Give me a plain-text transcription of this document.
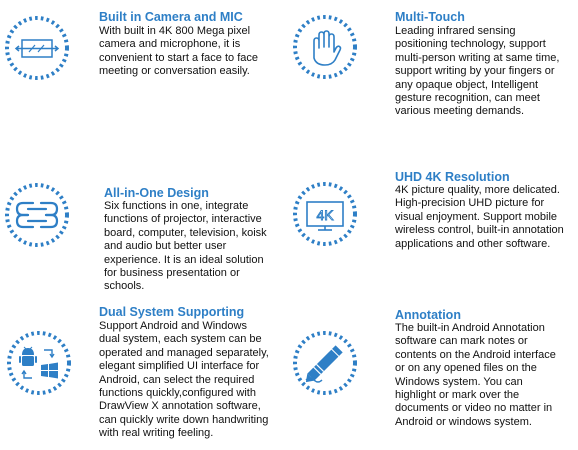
Built in Camera and MIC
With built in 4K 800 Mega pixel
camera and microphone, it is
convenient to start a face to face
meeting or conversation easily.
Multi-Touch
Leading infrared sensing
positioning technology, support
multi-person writing at same time,
support writing by your fingers or
any opaque object, Intelligent
gesture recognition, can meet
various meeting demands.
All-in-One Design
Six functions in one, integrate
functions of projector, interactive
board, computer, television, koisk
and audio but better user
experience. It is an ideal solution
for business presentation or
schools.
4K
UHD 4K Resolution
4K picture quality, more delicated.
High-precision UHD picture for
visual enjoyment. Support mobile
wireless control, built-in annotation
applications and other software.
Dual System Supporting
Support Android and Windows
dual system, each system can be
operated and managed separately,
elegant simplified UI interface for
Android, can select the required
functions quickly,configured with
DrawView X annotation software,
can quickly write down handwriting
with real writing feeling.
Annotation
The built-in Android Annotation
software can mark notes or
contents on the Android interface
or on any opened files on the
Windows system. You can
highlight or mark over the
documents or video no matter in
Android or windows system.
